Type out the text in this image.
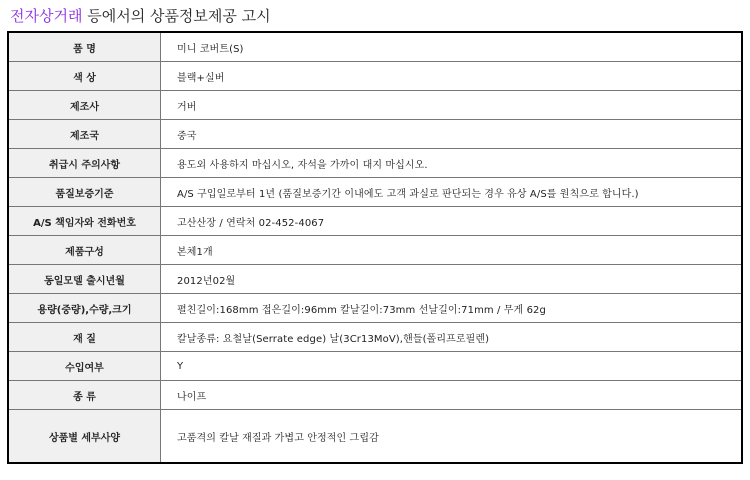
전자상거래 등에서의 상품정보제공 고시
품 명	미니 코버트(S)
색 상	블랙+실버
제조사	거버
제조국	중국
취급시 주의사항	용도외 사용하지 마십시오, 자석을 가까이 대지 마십시오.
품질보증기준	A/S 구입일로부터 1년 (품질보증기간 이내에도 고객 과실로 판단되는 경우 유상 A/S를 원칙으로 합니다.)
A/S 책임자와 전화번호	고산산장 / 연락처 02-452-4067
제품구성	본체1개
동일모델 출시년월	2012년02월
용량(중량),수량,크기	펼친길이:168mm 접은길이:96mm 칼날길이:73mm 선날길이:71mm / 무게 62g
재 질	칼날종류: 요철날(Serrate edge) 날(3Cr13MoV),핸들(폴리프로필렌)
수입여부	Y
종 류	나이프
상품별 세부사양	고품격의 칼날 재질과 가볍고 안정적인 그립감
